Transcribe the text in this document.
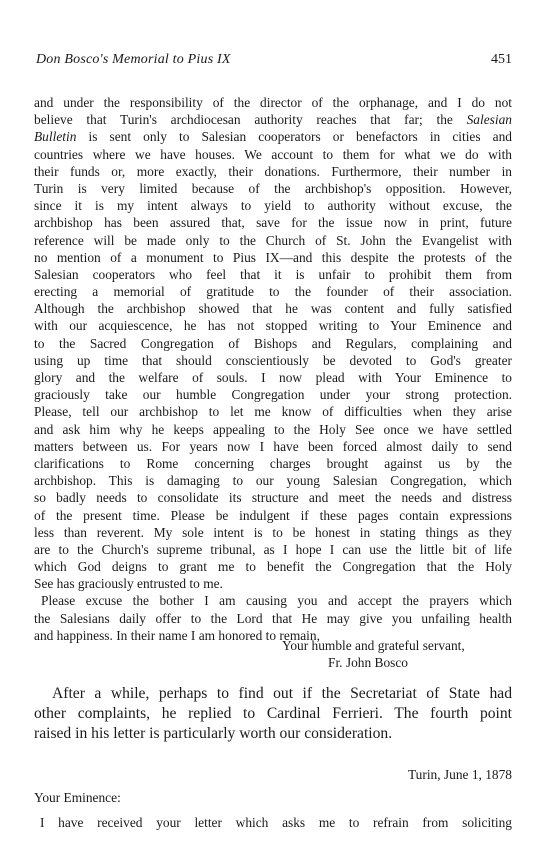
Don Bosco's Memorial to Pius IX	451
and under the responsibility of the director of the orphanage, and I do not
believe that Turin's archdiocesan authority reaches that far; the Salesian
Bulletin is sent only to Salesian cooperators or benefactors in cities and
countries where we have houses. We account to them for what we do with
their funds or, more exactly, their donations. Furthermore, their number in
Turin is very limited because of the archbishop's opposition. However,
since it is my intent always to yield to authority without excuse, the
archbishop has been assured that, save for the issue now in print, future
reference will be made only to the Church of St. John the Evangelist with
no mention of a monument to Pius IX—and this despite the protests of the
Salesian cooperators who feel that it is unfair to prohibit them from
erecting a memorial of gratitude to the founder of their association.
Although the archbishop showed that he was content and fully satisfied
with our acquiescence, he has not stopped writing to Your Eminence and
to the Sacred Congregation of Bishops and Regulars, complaining and
using up time that should conscientiously be devoted to God's greater
glory and the welfare of souls. I now plead with Your Eminence to
graciously take our humble Congregation under your strong protection.
Please, tell our archbishop to let me know of difficulties when they arise
and ask him why he keeps appealing to the Holy See once we have settled
matters between us. For years now I have been forced almost daily to send
clarifications to Rome concerning charges brought against us by the
archbishop. This is damaging to our young Salesian Congregation, which
so badly needs to consolidate its structure and meet the needs and distress
of the present time. Please be indulgent if these pages contain expressions
less than reverent. My sole intent is to be honest in stating things as they
are to the Church's supreme tribunal, as I hope I can use the little bit of life
which God deigns to grant me to benefit the Congregation that the Holy
See has graciously entrusted to me.
Please excuse the bother I am causing you and accept the prayers which
the Salesians daily offer to the Lord that He may give you unfailing health
and happiness. In their name I am honored to remain,
Your humble and grateful servant,
Fr. John Bosco
After a while, perhaps to find out if the Secretariat of State had
other complaints, he replied to Cardinal Ferrieri. The fourth point
raised in his letter is particularly worth our consideration.
Turin, June 1, 1878
Your Eminence:
I have received your letter which asks me to refrain from soliciting
